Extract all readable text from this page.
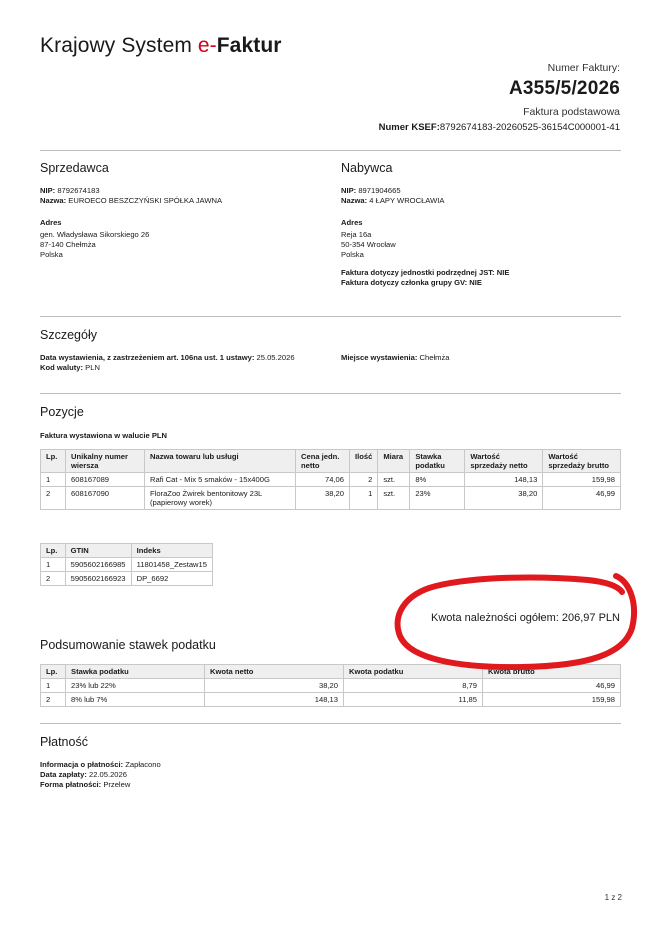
Krajowy System e-Faktur
Numer Faktury:
A355/5/2026
Faktura podstawowa
Numer KSEF:8792674183-20260525-36154C000001-41
Sprzedawca
NIP: 8792674183
Nazwa: EUROECO BESZCZYŃSKI SPÓŁKA JAWNA
Adres
gen. Władysława Sikorskiego 26
87-140 Chełmża
Polska
Nabywca
NIP: 8971904665
Nazwa: 4 ŁAPY WROCŁAWIA
Adres
Reja 16a
50-354 Wrocław
Polska
Faktura dotyczy jednostki podrzędnej JST: NIE
Faktura dotyczy członka grupy GV: NIE
Szczegóły
Data wystawienia, z zastrzeżeniem art. 106na ust. 1 ustawy: 25.05.2026
Kod waluty: PLN
Miejsce wystawienia: Chełmża
Pozycje
Faktura wystawiona w walucie PLN
Lp.	Unikalny numer wiersza	Nazwa towaru lub usługi	Cena jedn. netto	Ilość	Miara	Stawka podatku	Wartość sprzedaży netto	Wartość sprzedaży brutto
1	608167089	Rafi Cat - Mix 5 smaków - 15x400G	74,06	2	szt.	8%	148,13	159,98
2	608167090	FloraZoo Żwirek bentonitowy 23L (papierowy worek)	38,20	1	szt.	23%	38,20	46,99
Lp.	GTIN	Indeks
1	5905602166985	11801458_Zestaw15
2	5905602166923	DP_6692
Kwota należności ogółem: 206,97 PLN
Podsumowanie stawek podatku
Lp.	Stawka podatku	Kwota netto	Kwota podatku	Kwota brutto
1	23% lub 22%	38,20	8,79	46,99
2	8% lub 7%	148,13	11,85	159,98
Płatność
Informacja o płatności: Zapłacono
Data zapłaty: 22.05.2026
Forma płatności: Przelew
1 z 2
